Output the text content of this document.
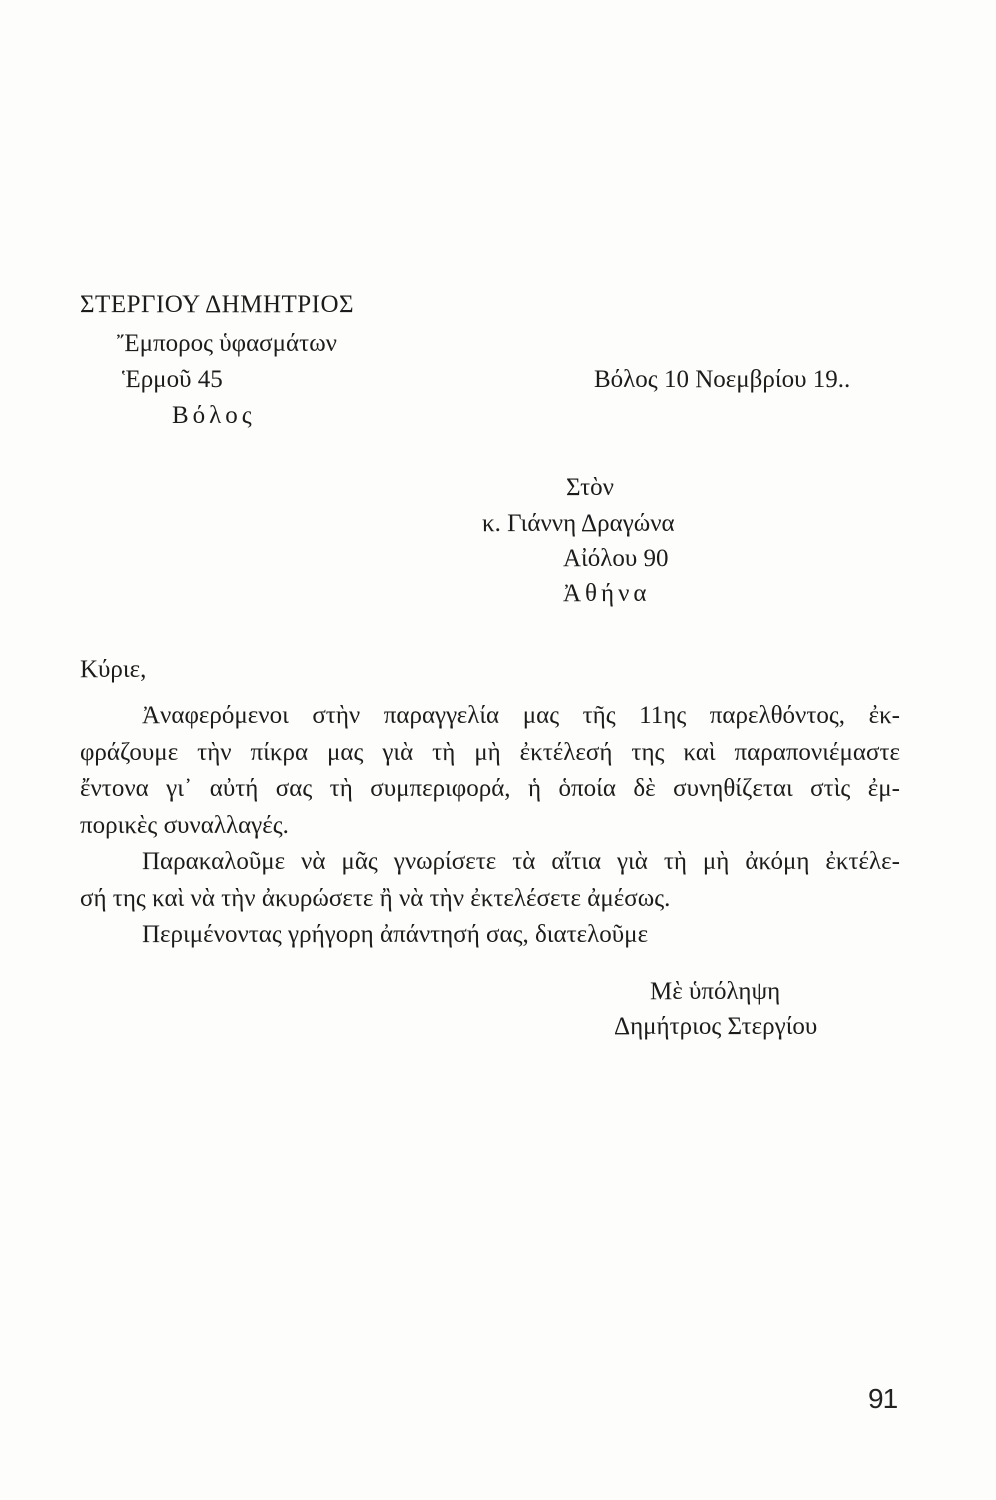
ΣΤΕΡΓΙΟΥ ΔΗΜΗΤΡΙΟΣ
Ἔμπορος ὑφασμάτων
Ἑρμοῦ 45
Βόλος
Βόλος 10 Νοεμβρίου 19..
Στὸν
κ. Γιάννη Δραγώνα
Αἰόλου 90
Ἀθήνα
Κύριε,
Ἀναφερόμενοι στὴν παραγγελία μας τῆς 11ης παρελθόντος, ἐκ-
φράζουμε τὴν πίκρα μας γιὰ τὴ μὴ ἐκτέλεσή της καὶ παραπονιέμαστε
ἔντονα γι᾽ αὐτή σας τὴ συμπεριφορά, ἡ ὁποία δὲ συνηθίζεται στὶς ἐμ-
πορικὲς συναλλαγές.
Παρακαλοῦμε νὰ μᾶς γνωρίσετε τὰ αἴτια γιὰ τὴ μὴ ἀκόμη ἐκτέλε-
σή της καὶ νὰ τὴν ἀκυρώσετε ἢ νὰ τὴν ἐκτελέσετε ἀμέσως.
Περιμένοντας γρήγορη ἀπάντησή σας, διατελοῦμε
Μὲ ὑπόληψη
Δημήτριος Στεργίου
91
